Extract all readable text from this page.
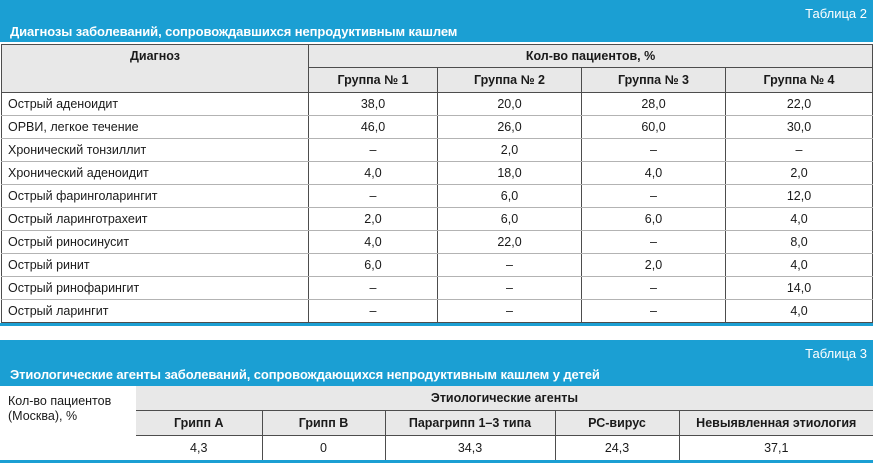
Таблица 2
Диагнозы заболеваний, сопровождавшихся непродуктивным кашлем
Диагноз	Кол-во пациентов, %			
	Группа № 1	Группа № 2	Группа № 3	Группа № 4
Острый аденоидит	38,0	20,0	28,0	22,0
ОРВИ, легкое течение	46,0	26,0	60,0	30,0
Хронический тонзиллит	–	2,0	–	–
Хронический аденоидит	4,0	18,0	4,0	2,0
Острый фаринголарингит	–	6,0	–	12,0
Острый ларинготрахеит	2,0	6,0	6,0	4,0
Острый риносинусит	4,0	22,0	–	8,0
Острый ринит	6,0	–	2,0	4,0
Острый ринофарингит	–	–	–	14,0
Острый ларингит	–	–	–	4,0
Таблица 3
Этиологические агенты заболеваний, сопровождающихся непродуктивным кашлем у детей
Кол-во пациентов (Москва), %	Этиологические агенты				
	Грипп А	Грипп В	Парагрипп 1–3 типа	РС-вирус	Невыявленная этиология
	4,3	0	34,3	24,3	37,1
